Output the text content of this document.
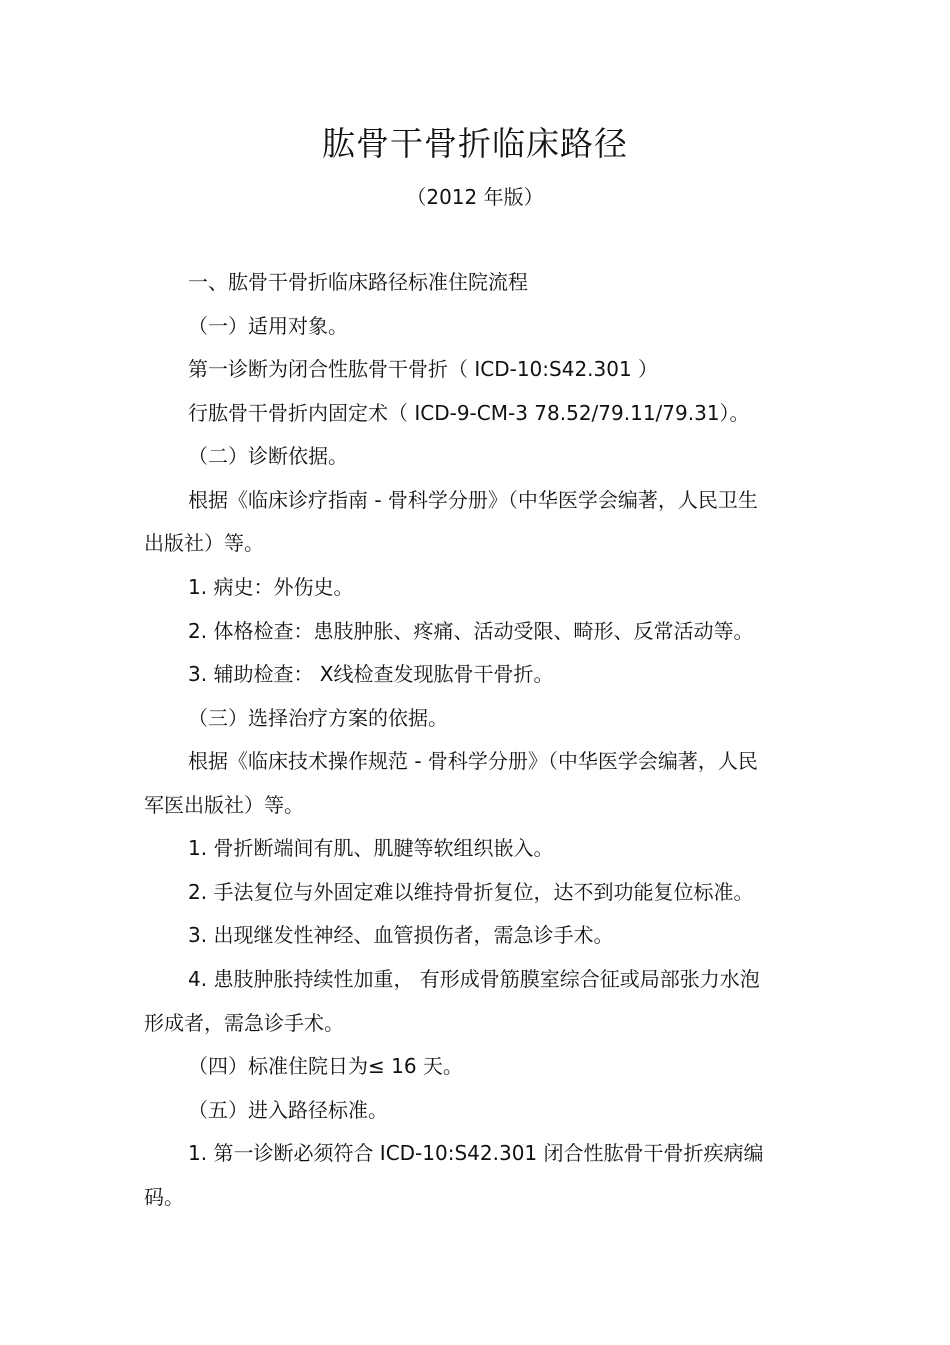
肱骨干骨折临床路径
（2012 年版）
一、肱骨干骨折临床路径标准住院流程
（一）适用对象。
第一诊断为闭合性肱骨干骨折（ ICD-10:S42.301 ）
行肱骨干骨折内固定术（ ICD-9-CM-3 78.52/79.11/79.31）。
（二）诊断依据。
根据《临床诊疗指南 - 骨科学分册》（中华医学会编著，人民卫生
出版社）等。
1. 病史：外伤史。
2. 体格检查：患肢肿胀、疼痛、活动受限、畸形、反常活动等。
3. 辅助检查： X线检查发现肱骨干骨折。
（三）选择治疗方案的依据。
根据《临床技术操作规范 - 骨科学分册》（中华医学会编著，人民
军医出版社）等。
1. 骨折断端间有肌、肌腱等软组织嵌入。
2. 手法复位与外固定难以维持骨折复位，达不到功能复位标准。
3. 出现继发性神经、血管损伤者，需急诊手术。
4. 患肢肿胀持续性加重， 有形成骨筋膜室综合征或局部张力水泡
形成者，需急诊手术。
（四）标准住院日为≤ 16 天。
（五）进入路径标准。
1. 第一诊断必须符合 ICD-10:S42.301 闭合性肱骨干骨折疾病编
码。
